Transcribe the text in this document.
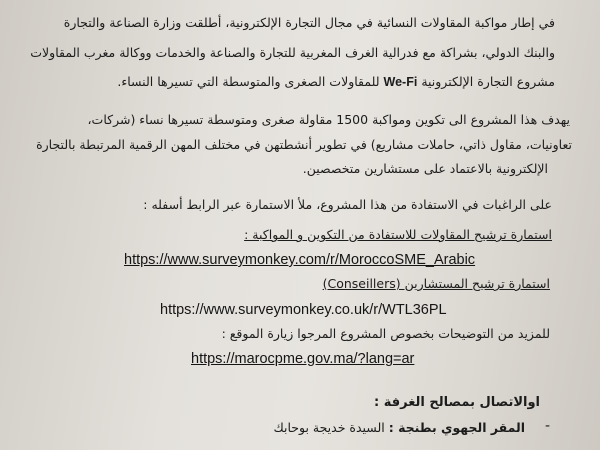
في إطار مواكبة المقاولات النسائية في مجال التجارة الإلكترونية، أطلقت وزارة الصناعة والتجارة
والبنك الدولي، بشراكة مع فدرالية الغرف المغربية للتجارة والصناعة والخدمات ووكالة مغرب المقاولات
مشروع التجارة الإلكترونية We-Fi للمقاولات الصغرى والمتوسطة التي تسيرها النساء.
يهدف هذا المشروع الى تكوين ومواكبة 1500 مقاولة صغرى ومتوسطة تسيرها نساء (شركات،
تعاونيات، مقاول ذاتي، حاملات مشاريع) في تطوير أنشطتهن في مختلف المهن الرقمية المرتبطة بالتجارة
الإلكترونية بالاعتماد على مستشارين متخصصين.
على الراغبات في الاستفادة من هذا المشروع، ملأ الاستمارة عبر الرابط أسفله :
استمارة ترشيح المقاولات للاستفادة من التكوين و المواكبة :
https://www.surveymonkey.com/r/MoroccoSME_Arabic
استمارة ترشيح المستشارين (Conseillers)
https://www.surveymonkey.co.uk/r/WTL36PL
للمزيد من التوضيحات بخصوص المشروع المرجوا زيارة الموقع :
https://marocpme.gov.ma/?lang=ar
اوالاتصال بمصالح الغرفة :
-
المقر الجهوي بطنجة : السيدة خديجة بوحابك
